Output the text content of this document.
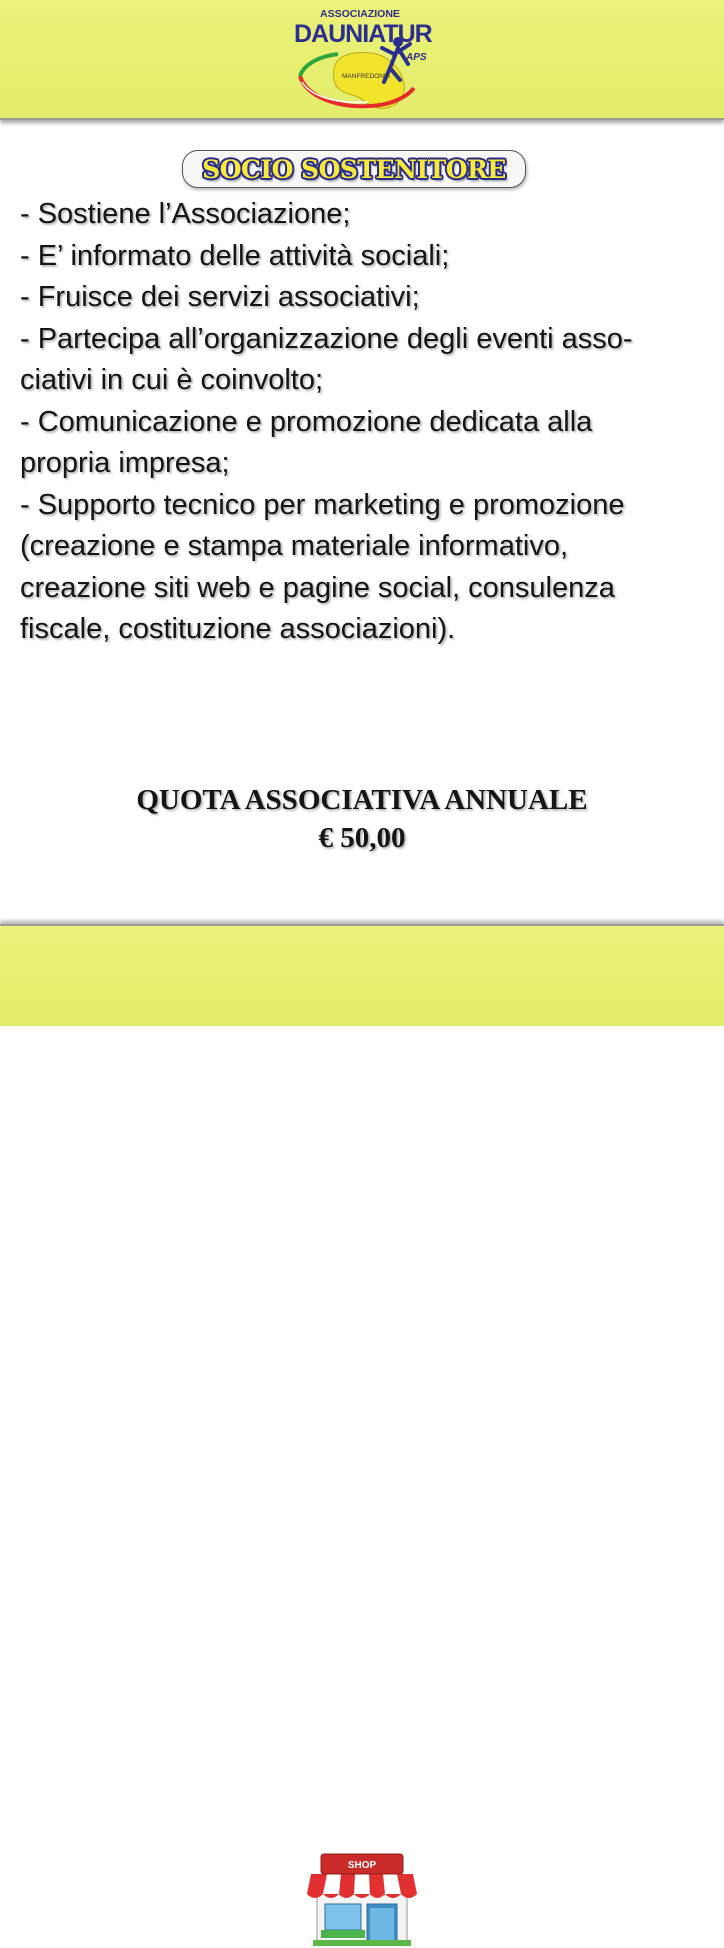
ASSOCIAZIONE
DAUNIATUR
APS
MANFREDONIA
SOCIO SOSTENITORE
- Sostiene l’Associazione;
- E’ informato delle attività sociali;
- Fruisce dei servizi associativi;
- Partecipa all’organizzazione degli eventi asso-
ciativi in cui è coinvolto;
- Comunicazione e promozione dedicata alla
propria impresa;
- Supporto tecnico per marketing e promozione
(creazione e stampa materiale informativo,
creazione siti web e pagine social, consulenza
fiscale, costituzione associazioni).
QUOTA ASSOCIATIVA ANNUALE
€ 50,00
SHOP
